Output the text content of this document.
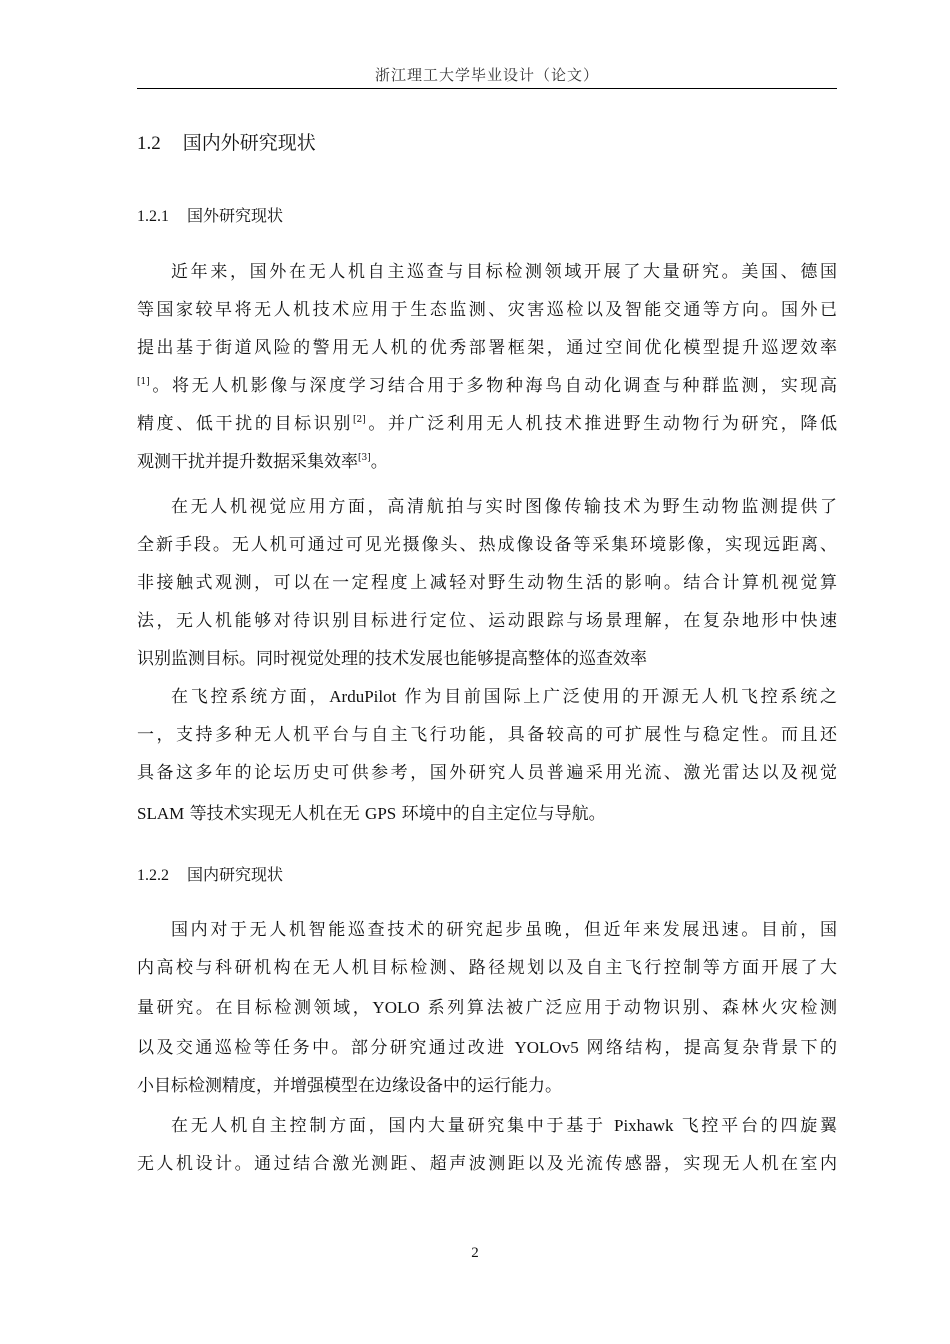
浙江理工大学毕业设计（论文）
1.2 国内外研究现状
1.2.1 国外研究现状
近年来，国外在无人机自主巡查与目标检测领域开展了大量研究。美国、德国
等国家较早将无人机技术应用于生态监测、灾害巡检以及智能交通等方向。国外已
提出基于街道风险的警用无人机的优秀部署框架，通过空间优化模型提升巡逻效率
[1]。将无人机影像与深度学习结合用于多物种海鸟自动化调查与种群监测，实现高
精度、低干扰的目标识别[2]。并广泛利用无人机技术推进野生动物行为研究，降低
观测干扰并提升数据采集效率[3]。
在无人机视觉应用方面，高清航拍与实时图像传输技术为野生动物监测提供了
全新手段。无人机可通过可见光摄像头、热成像设备等采集环境影像，实现远距离、
非接触式观测，可以在一定程度上减轻对野生动物生活的影响。结合计算机视觉算
法，无人机能够对待识别目标进行定位、运动跟踪与场景理解，在复杂地形中快速
识别监测目标。同时视觉处理的技术发展也能够提高整体的巡查效率
在飞控系统方面，ArduPilot 作为目前国际上广泛使用的开源无人机飞控系统之
一，支持多种无人机平台与自主飞行功能，具备较高的可扩展性与稳定性。而且还
具备这多年的论坛历史可供参考，国外研究人员普遍采用光流、激光雷达以及视觉
SLAM 等技术实现无人机在无 GPS 环境中的自主定位与导航。
1.2.2 国内研究现状
国内对于无人机智能巡查技术的研究起步虽晚，但近年来发展迅速。目前，国
内高校与科研机构在无人机目标检测、路径规划以及自主飞行控制等方面开展了大
量研究。在目标检测领域，YOLO 系列算法被广泛应用于动物识别、森林火灾检测
以及交通巡检等任务中。部分研究通过改进 YOLOv5 网络结构，提高复杂背景下的
小目标检测精度，并增强模型在边缘设备中的运行能力。
在无人机自主控制方面，国内大量研究集中于基于 Pixhawk 飞控平台的四旋翼
无人机设计。通过结合激光测距、超声波测距以及光流传感器，实现无人机在室内
2
